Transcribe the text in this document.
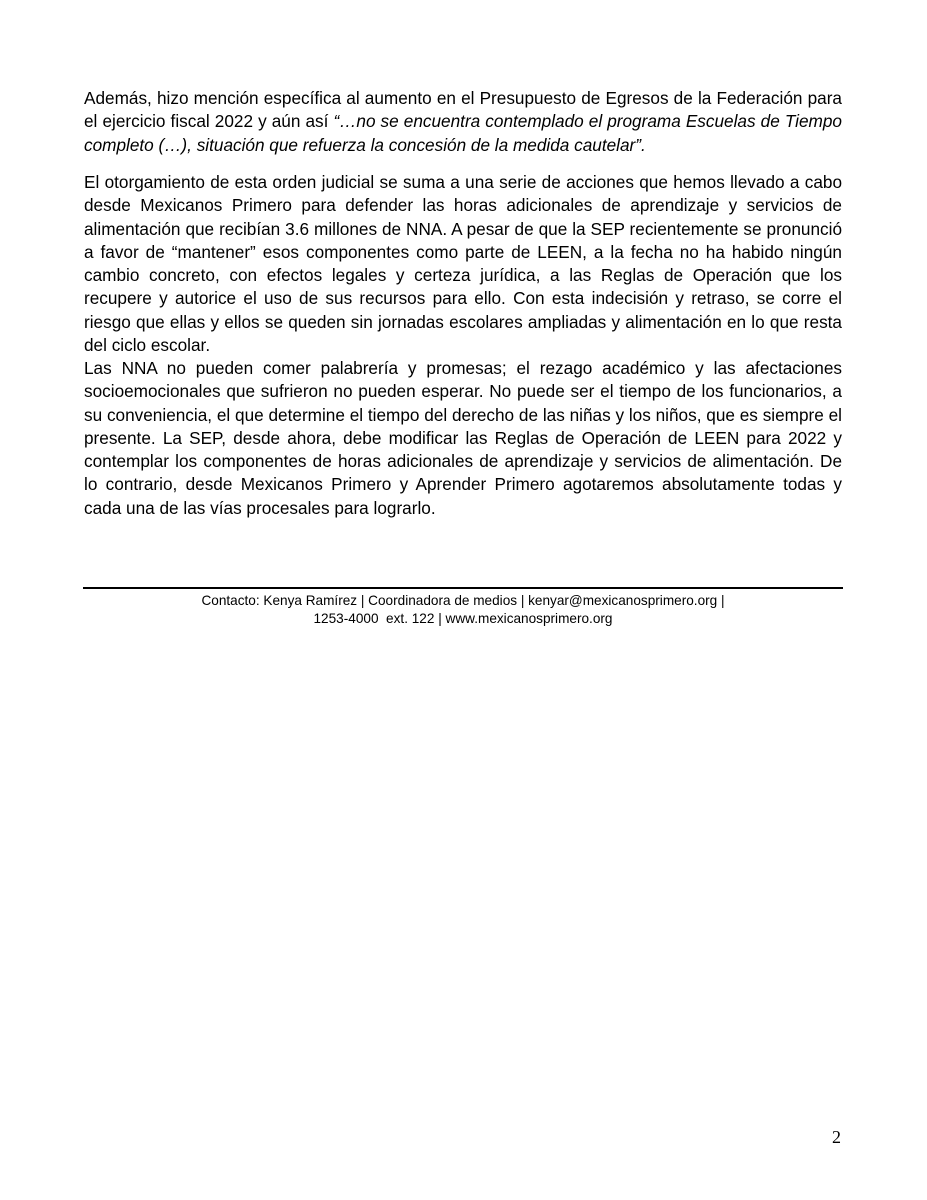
Además, hizo mención específica al aumento en el Presupuesto de Egresos de la Federación para el ejercicio fiscal 2022 y aún así “…no se encuentra contemplado el programa Escuelas de Tiempo completo (…), situación que refuerza la concesión de la medida cautelar”.

El otorgamiento de esta orden judicial se suma a una serie de acciones que hemos llevado a cabo desde Mexicanos Primero para defender las horas adicionales de aprendizaje y servicios de alimentación que recibían 3.6 millones de NNA. A pesar de que la SEP recientemente se pronunció a favor de “mantener” esos componentes como parte de LEEN, a la fecha no ha habido ningún cambio concreto, con efectos legales y certeza jurídica, a las Reglas de Operación que los recupere y autorice el uso de sus recursos para ello. Con esta indecisión y retraso, se corre el riesgo que ellas y ellos se queden sin jornadas escolares ampliadas y alimentación en lo que resta del ciclo escolar.

Las NNA no pueden comer palabrería y promesas; el rezago académico y las afectaciones socioemocionales que sufrieron no pueden esperar. No puede ser el tiempo de los funcionarios, a su conveniencia, el que determine el tiempo del derecho de las niñas y los niños, que es siempre el presente. La SEP, desde ahora, debe modificar las Reglas de Operación de LEEN para 2022 y contemplar los componentes de horas adicionales de aprendizaje y servicios de alimentación. De lo contrario, desde Mexicanos Primero y Aprender Primero agotaremos absolutamente todas y cada una de las vías procesales para lograrlo.

Contacto: Kenya Ramírez | Coordinadora de medios | kenyar@mexicanosprimero.org |
1253-4000  ext. 122 | www.mexicanosprimero.org
2
